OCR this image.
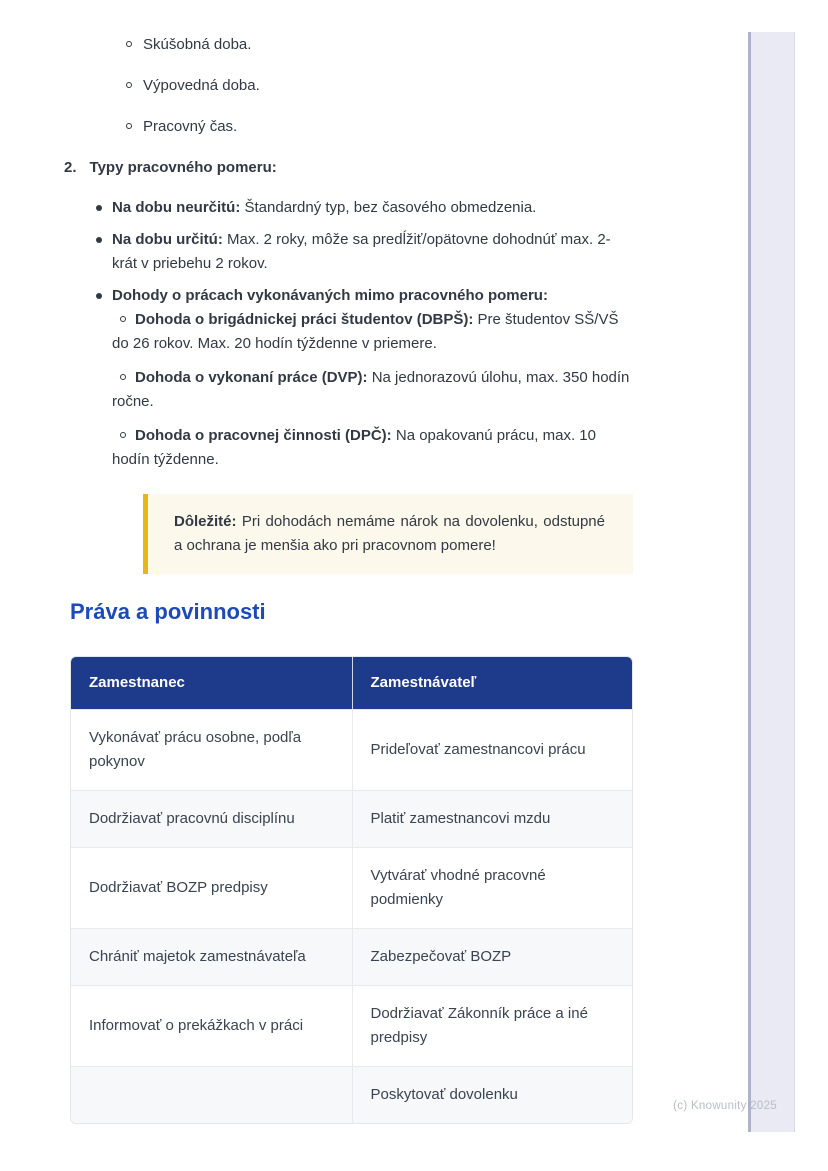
Skúšobná doba.
Výpovedná doba.
Pracovný čas.
2. Typy pracovného pomeru:
Na dobu neurčitú: Štandardný typ, bez časového obmedzenia.
Na dobu určitú: Max. 2 roky, môže sa predĺžiť/opätovne dohodnúť max. 2-krát v priebehu 2 rokov.
Dohody o prácach vykonávaných mimo pracovného pomeru:
Dohoda o brigádnickej práci študentov (DBPŠ): Pre študentov SŠ/VŠ do 26 rokov. Max. 20 hodín týždenne v priemere.
Dohoda o vykonaní práce (DVP): Na jednorazovú úlohu, max. 350 hodín ročne.
Dohoda o pracovnej činnosti (DPČ): Na opakovanú prácu, max. 10 hodín týždenne.
Dôležité: Pri dohodách nemáme nárok na dovolenku, odstupné a ochrana je menšia ako pri pracovnom pomere!
Práva a povinnosti
Zamestnanec	Zamestnávateľ
Vykonávať prácu osobne, podľa pokynov	Prideľovať zamestnancovi prácu
Dodržiavať pracovnú disciplínu	Platiť zamestnancovi mzdu
Dodržiavať BOZP predpisy	Vytvárať vhodné pracovné podmienky
Chrániť majetok zamestnávateľa	Zabezpečovať BOZP
Informovať o prekážkach v práci	Dodržiavať Zákonník práce a iné predpisy
	Poskytovať dovolenku
(c) Knowunity 2025
